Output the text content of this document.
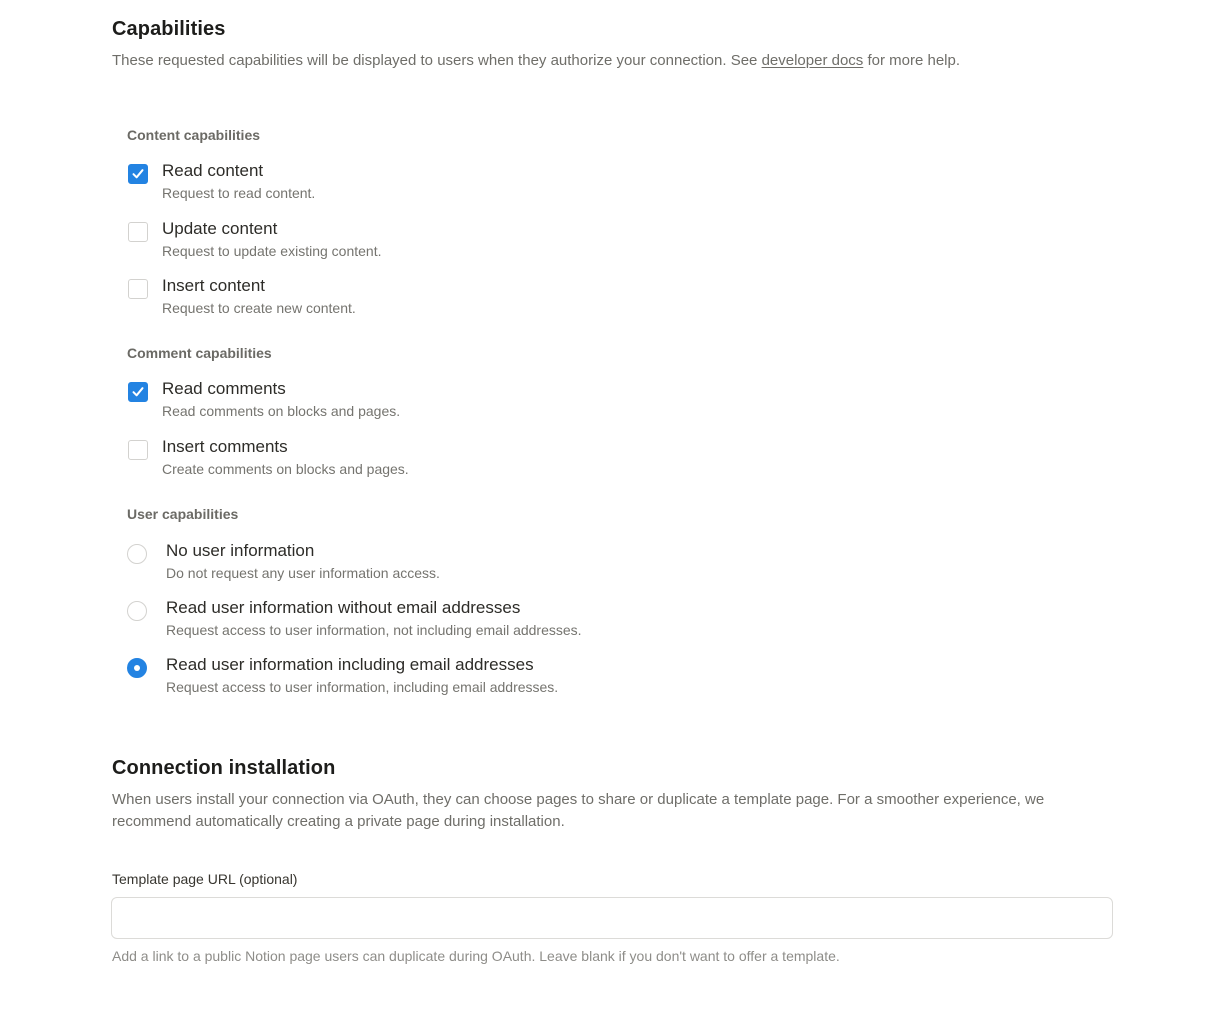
Capabilities

These requested capabilities will be displayed to users when they authorize your connection. See developer docs for more help.

Content capabilities
Read content
Request to read content.
Update content
Request to update existing content.
Insert content
Request to create new content.
Comment capabilities
Read comments
Read comments on blocks and pages.
Insert comments
Create comments on blocks and pages.
User capabilities
No user information
Do not request any user information access.
Read user information without email addresses
Request access to user information, not including email addresses.
Read user information including email addresses
Request access to user information, including email addresses.
Connection installation

When users install your connection via OAuth, they can choose pages to share or duplicate a template page. For a smoother experience, we recommend automatically creating a private page during installation.

Template page URL (optional)
Add a link to a public Notion page users can duplicate during OAuth. Leave blank if you don't want to offer a template.
